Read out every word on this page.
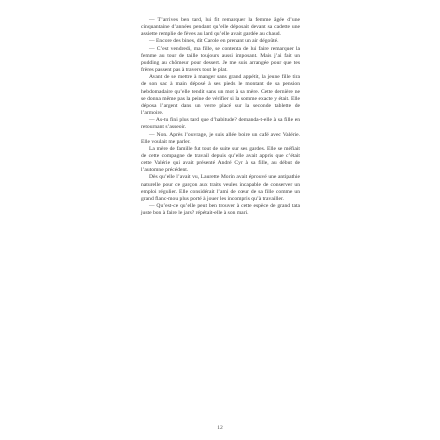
— T’arrives ben tard, lui fit remarquer la femme âgée d’une cinquantaine d’années pendant qu’elle déposait devant sa cadette une assiette remplie de fèves au lard qu’elle avait gardée au chaud.

— Encore des bines, dit Carole en prenant un air dégoûté.

— C’est vendredi, ma fille, se contenta de lui faire remarquer la femme au tour de taille toujours aussi imposant. Mais j’ai fait un pudding au chômeur pour dessert. Je me suis arrangée pour que tes frères passent pas à travers tout le plat.

Avant de se mettre à manger sans grand appétit, la jeune fille tira de son sac à main déposé à ses pieds le montant de sa pension hebdomadaire qu’elle tendit sans un mot à sa mère. Cette dernière ne se donna même pas la peine de vérifier si la somme exacte y était. Elle déposa l’argent dans un verre placé sur la seconde tablette de l’armoire.

— As-tu fini plus tard que d’habitude? demanda-t-elle à sa fille en retournant s’asseoir.

— Non. Après l’ouvrage, je suis allée boire un café avec Valérie. Elle voulait me parler.

La mère de famille fut tout de suite sur ses gardes. Elle se méfiait de cette compagne de travail depuis qu’elle avait appris que c’était cette Valérie qui avait présenté André Cyr à sa fille, au début de l’automne précédent.

Dès qu’elle l’avait vu, Laurette Morin avait éprouvé une antipathie naturelle pour ce garçon aux traits veules incapable de conserver un emploi régulier. Elle considérait l’ami de cœur de sa fille comme un grand flanc-mou plus porté à jouer les incompris qu’à travailler.

— Qu’est-ce qu’elle peut ben trouver à cette espèce de grand tata juste bon à faire le jars? répétait-elle à son mari.

12
